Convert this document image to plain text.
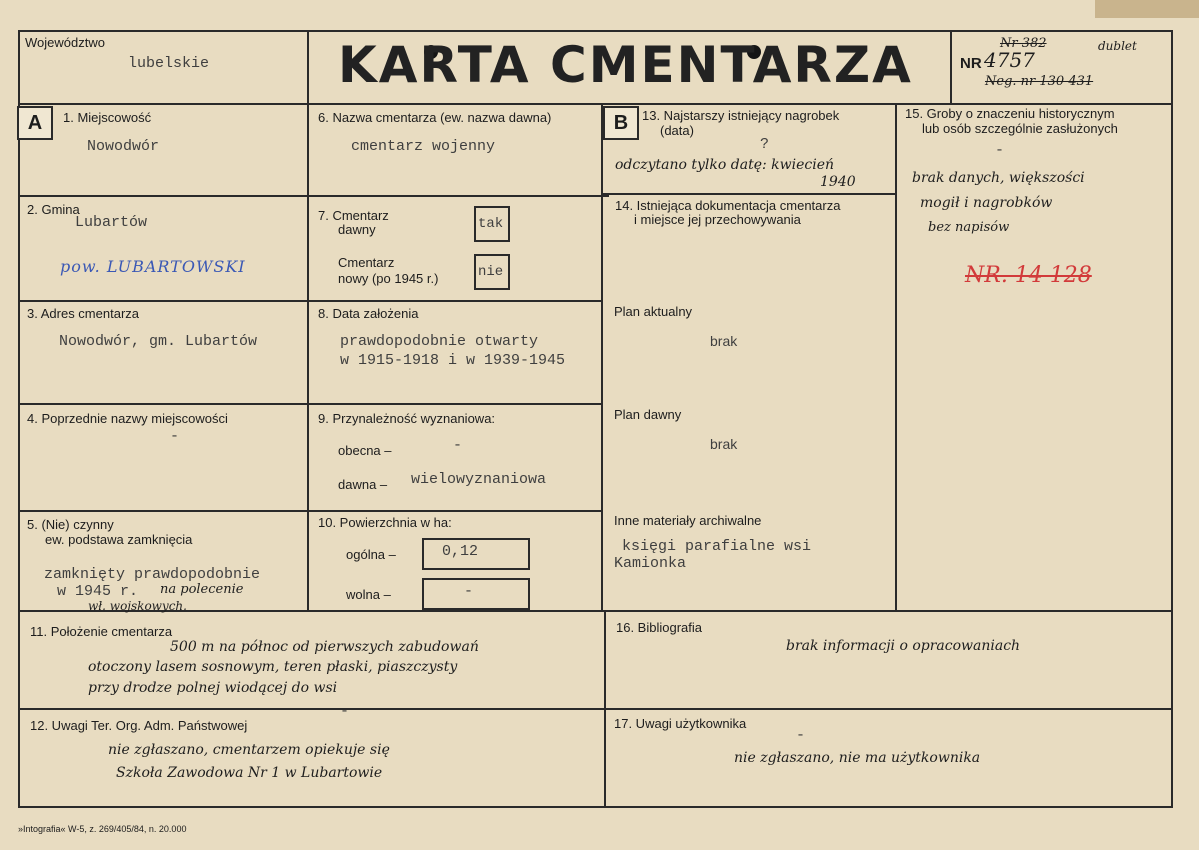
Województwo
lubelskie	KARTA CMENTARZA	NR
Nr 382	dublet
4757
Neg. nr 130 431
A	1. Miejscowość
Nowodwór
2. Gmina
Lubartów
pow. LUBARTOWSKI
3. Adres cmentarza
Nowodwór, gm. Lubartów
4. Poprzednie nazwy miejscowości
-
5. (Nie) czynny
ew. podstawa zamknięcia
zamknięty prawdopodobnie
w 1945 r. na polecenie
wł. wojskowych.
6. Nazwa cmentarza (ew. nazwa dawna)
cmentarz wojenny
7. Cmentarz
dawny	tak
Cmentarz
nowy (po 1945 r.)	nie
8. Data założenia
prawdopodobnie otwarty
w 1915-1918 i w 1939-1945
9. Przynależność wyznaniowa:
obecna –	-
dawna – wielowyznaniowa
10. Powierzchnia w ha:
ogólna –	0,12
wolna –	-
B	13. Najstarszy istniejący nagrobek
(data)
?
odczytano tylko datę: kwiecień
1940
14. Istniejąca dokumentacja cmentarza
i miejsce jej przechowywania
Plan aktualny
brak
Plan dawny
brak
Inne materiały archiwalne
księgi parafialne wsi
Kamionka
15. Groby o znaczeniu historycznym
lub osób szczególnie zasłużonych
-
brak danych, większości
mogił i nagrobków
bez napisów
NR. 14 128
11. Położenie cmentarza
500 m na północ od pierwszych zabudowań
otoczony lasem sosnowym, teren płaski, piaszczysty
przy drodze polnej wiodącej do wsi
16. Bibliografia
brak informacji o opracowaniach
12. Uwagi Ter. Org. Adm. Państwowej
-
nie zgłaszano, cmentarzem opiekuje się
Szkoła Zawodowa Nr 1 w Lubartowie
17. Uwagi użytkownika
-
nie zgłaszano, nie ma użytkownika
»Intografia« W-5, z. 269/405/84, n. 20.000
